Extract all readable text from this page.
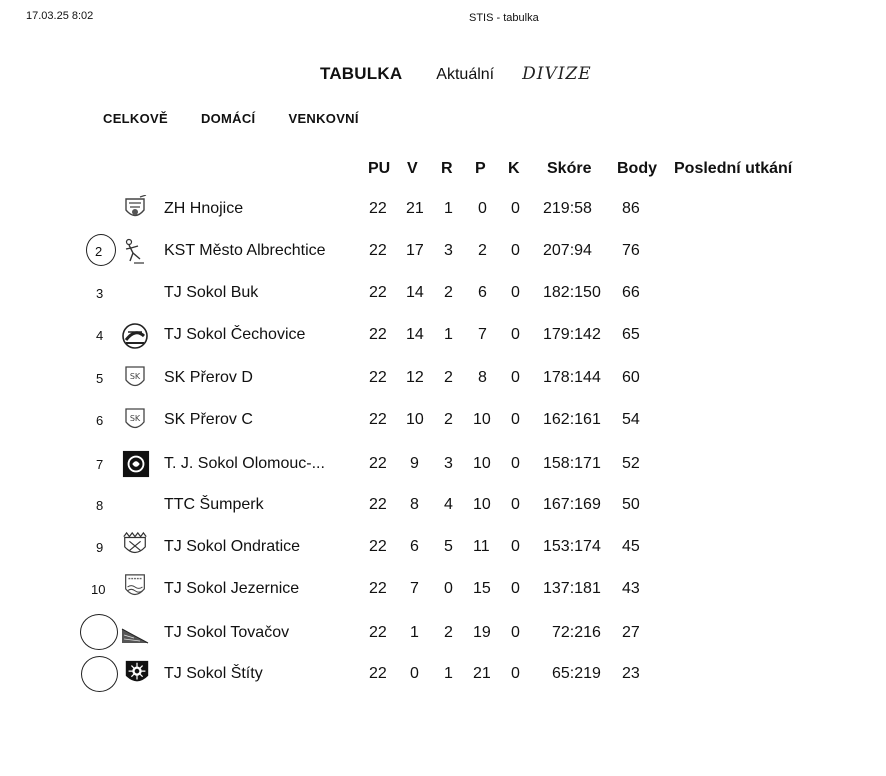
17.03.25 8:02	STIS - tabulka
TABULKA Aktuální DIVIZE
CELKOVĚ	DOMÁCÍ	VENKOVNÍ
PU V R P K Skóre Body Poslední utkání
ZH Hnojice	22 21 1 0 0 219:58 86
2	KST Město Albrechtice	22 17 3 2 0 207:94 76
3	TJ Sokol Buk	22 14 2 6 0 182:150 66
4	TJ Sokol Čechovice	22 14 1 7 0 179:142 65
5	SK SK Přerov D	22 12 2 8 0 178:144 60
6	SK SK Přerov C	22 10 2 10 0 162:161 54
7	T. J. Sokol Olomouc-...	22 9 3 10 0 158:171 52
8	TTC Šumperk	22 8 4 10 0 167:169 50
9	TJ Sokol Ondratice	22 6 5 11 0 153:174 45
10	TJ Sokol Jezernice	22 7 0 15 0 137:181 43
TJ Sokol Tovačov	22 1 2 19 0 72:216 27
TJ Sokol Štíty	22 0 1 21 0 65:219 23
